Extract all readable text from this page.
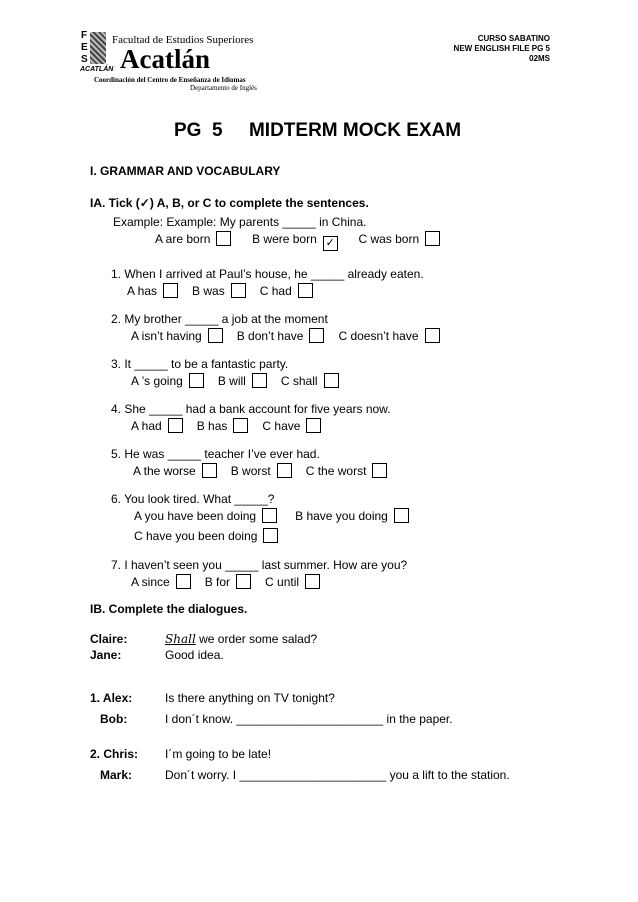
F
E
S
ACATLÁN
Facultad de Estudios Superiores
Acatlán
Coordinación del Centro de Enseñanza de Idiomas
Departamento de Inglés
CURSO SABATINO
NEW ENGLISH FILE PG 5
02MS
PG  5     MIDTERM MOCK EXAM
I. GRAMMAR AND VOCABULARY
IA. Tick (✓) A, B, or C to complete the sentences.
Example: Example: My parents _____ in China.
A are born	B were born ✓ C was born
1. When I arrived at Paul’s house, he _____ already eaten.
A has	B was	C had
2. My brother _____ a job at the moment
A isn’t having	B don’t have	C doesn’t have
3. It _____ to be a fantastic party.
A ’s going	B will	C shall
4. She _____ had a bank account for five years now.
A had	B has	C have
5. He was _____ teacher I’ve ever had.
A the worse	B worst	C the worst
6. You look tired. What _____?
A you have been doing	B have you doing
C have you been doing
7. I haven’t seen you _____ last summer. How are you?
A since	B for	C until
IB. Complete the dialogues.
Claire:	Shall we order some salad?
Jane:	Good idea.
1. Alex:	Is there anything on TV tonight?
Bob:	I don´t know. ______________________ in the paper.
2. Chris: I´m going to be late!
Mark:	Don´t worry. I ______________________ you a lift to the station.
